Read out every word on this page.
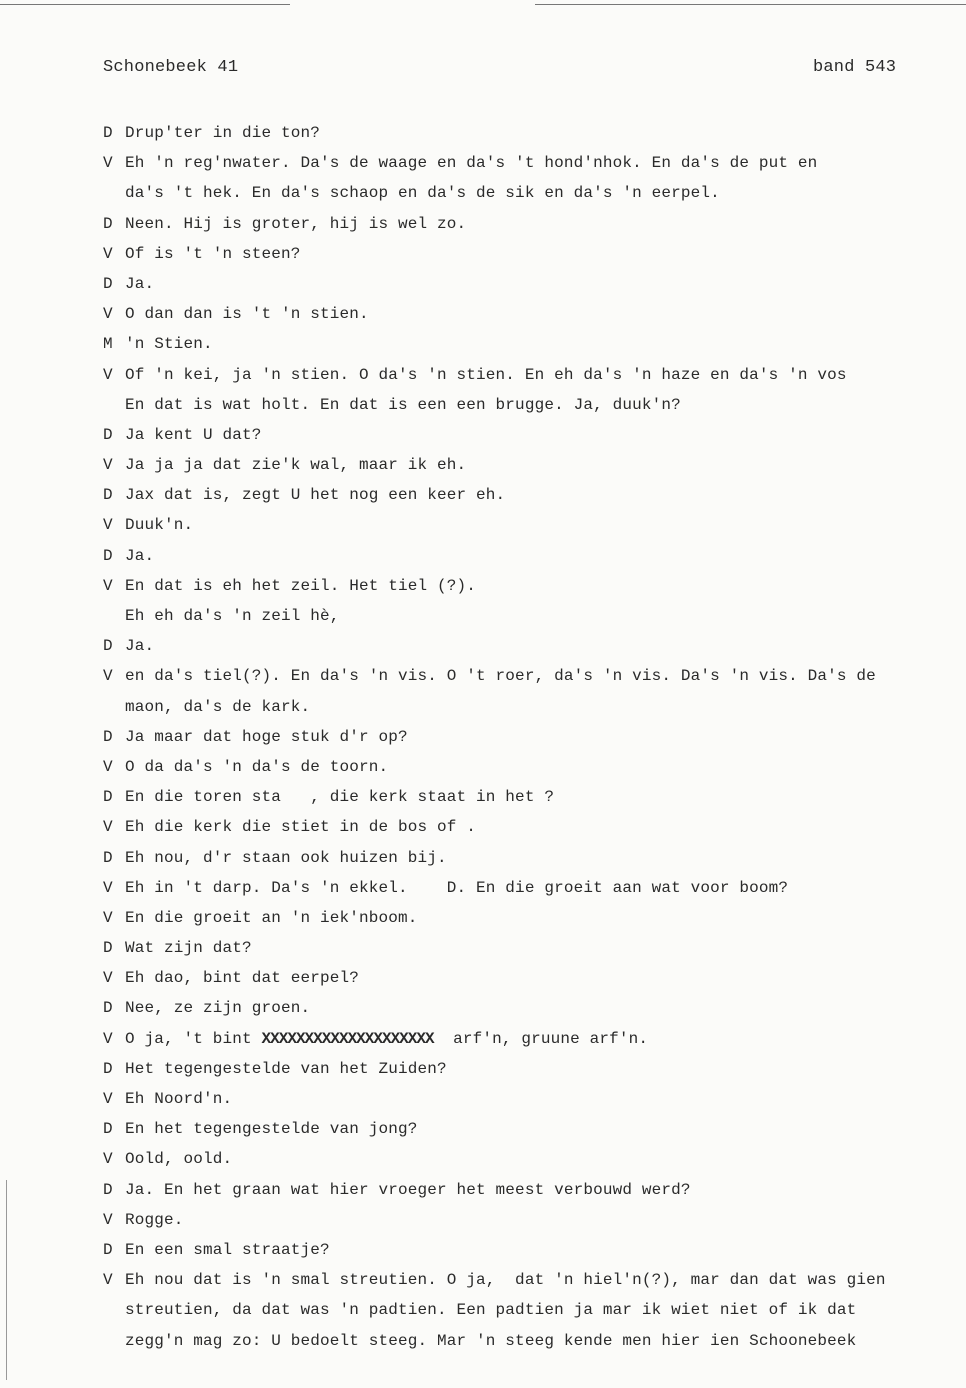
Schonebeek 41	band 543
D Drup'ter in die ton?
V Eh 'n reg'nwater. Da's de waage en da's 't hond'nhok. En da's de put en
da's 't hek. En da's schaop en da's de sik en da's 'n eerpel.
D Neen. Hij is groter, hij is wel zo.
V Of is 't 'n steen?
D Ja.
V O dan dan is 't 'n stien.
M 'n Stien.
V Of 'n kei, ja 'n stien. O da's 'n stien. En eh da's 'n haze en da's 'n vos
En dat is wat holt. En dat is een een brugge. Ja, duuk'n?
D Ja kent U dat?
V Ja ja ja dat zie'k wal, maar ik eh.
D Jax dat is, zegt U het nog een keer eh.
V Duuk'n.
D Ja.
V En dat is eh het zeil. Het tiel (?).
Eh eh da's 'n zeil hè,
D Ja.
V en da's tiel(?). En da's 'n vis. O 't roer, da's 'n vis. Da's 'n vis. Da's de
maon, da's de kark.
D Ja maar dat hoge stuk d'r op?
V O da da's 'n da's de toorn.
D En die toren sta   , die kerk staat in het ?
V Eh die kerk die stiet in de bos of .
D Eh nou, d'r staan ook huizen bij.
V Eh in 't darp. Da's 'n ekkel.    D. En die groeit aan wat voor boom?
V En die groeit an 'n iek'nboom.
D Wat zijn dat?
V Eh dao, bint dat eerpel?
D Nee, ze zijn groen.
V O ja, 't bint XXXXXXXXXXXXXXXXXXXX  arf'n, gruune arf'n.
D Het tegengestelde van het Zuiden?
V Eh Noord'n.
D En het tegengestelde van jong?
V Oold, oold.
D Ja. En het graan wat hier vroeger het meest verbouwd werd?
V Rogge.
D En een smal straatje?
V Eh nou dat is 'n smal streutien. O ja,  dat 'n hiel'n(?), mar dan dat was gien
streutien, da dat was 'n padtien. Een padtien ja mar ik wiet niet of ik dat
zegg'n mag zo: U bedoelt steeg. Mar 'n steeg kende men hier ien Schoonebeek
